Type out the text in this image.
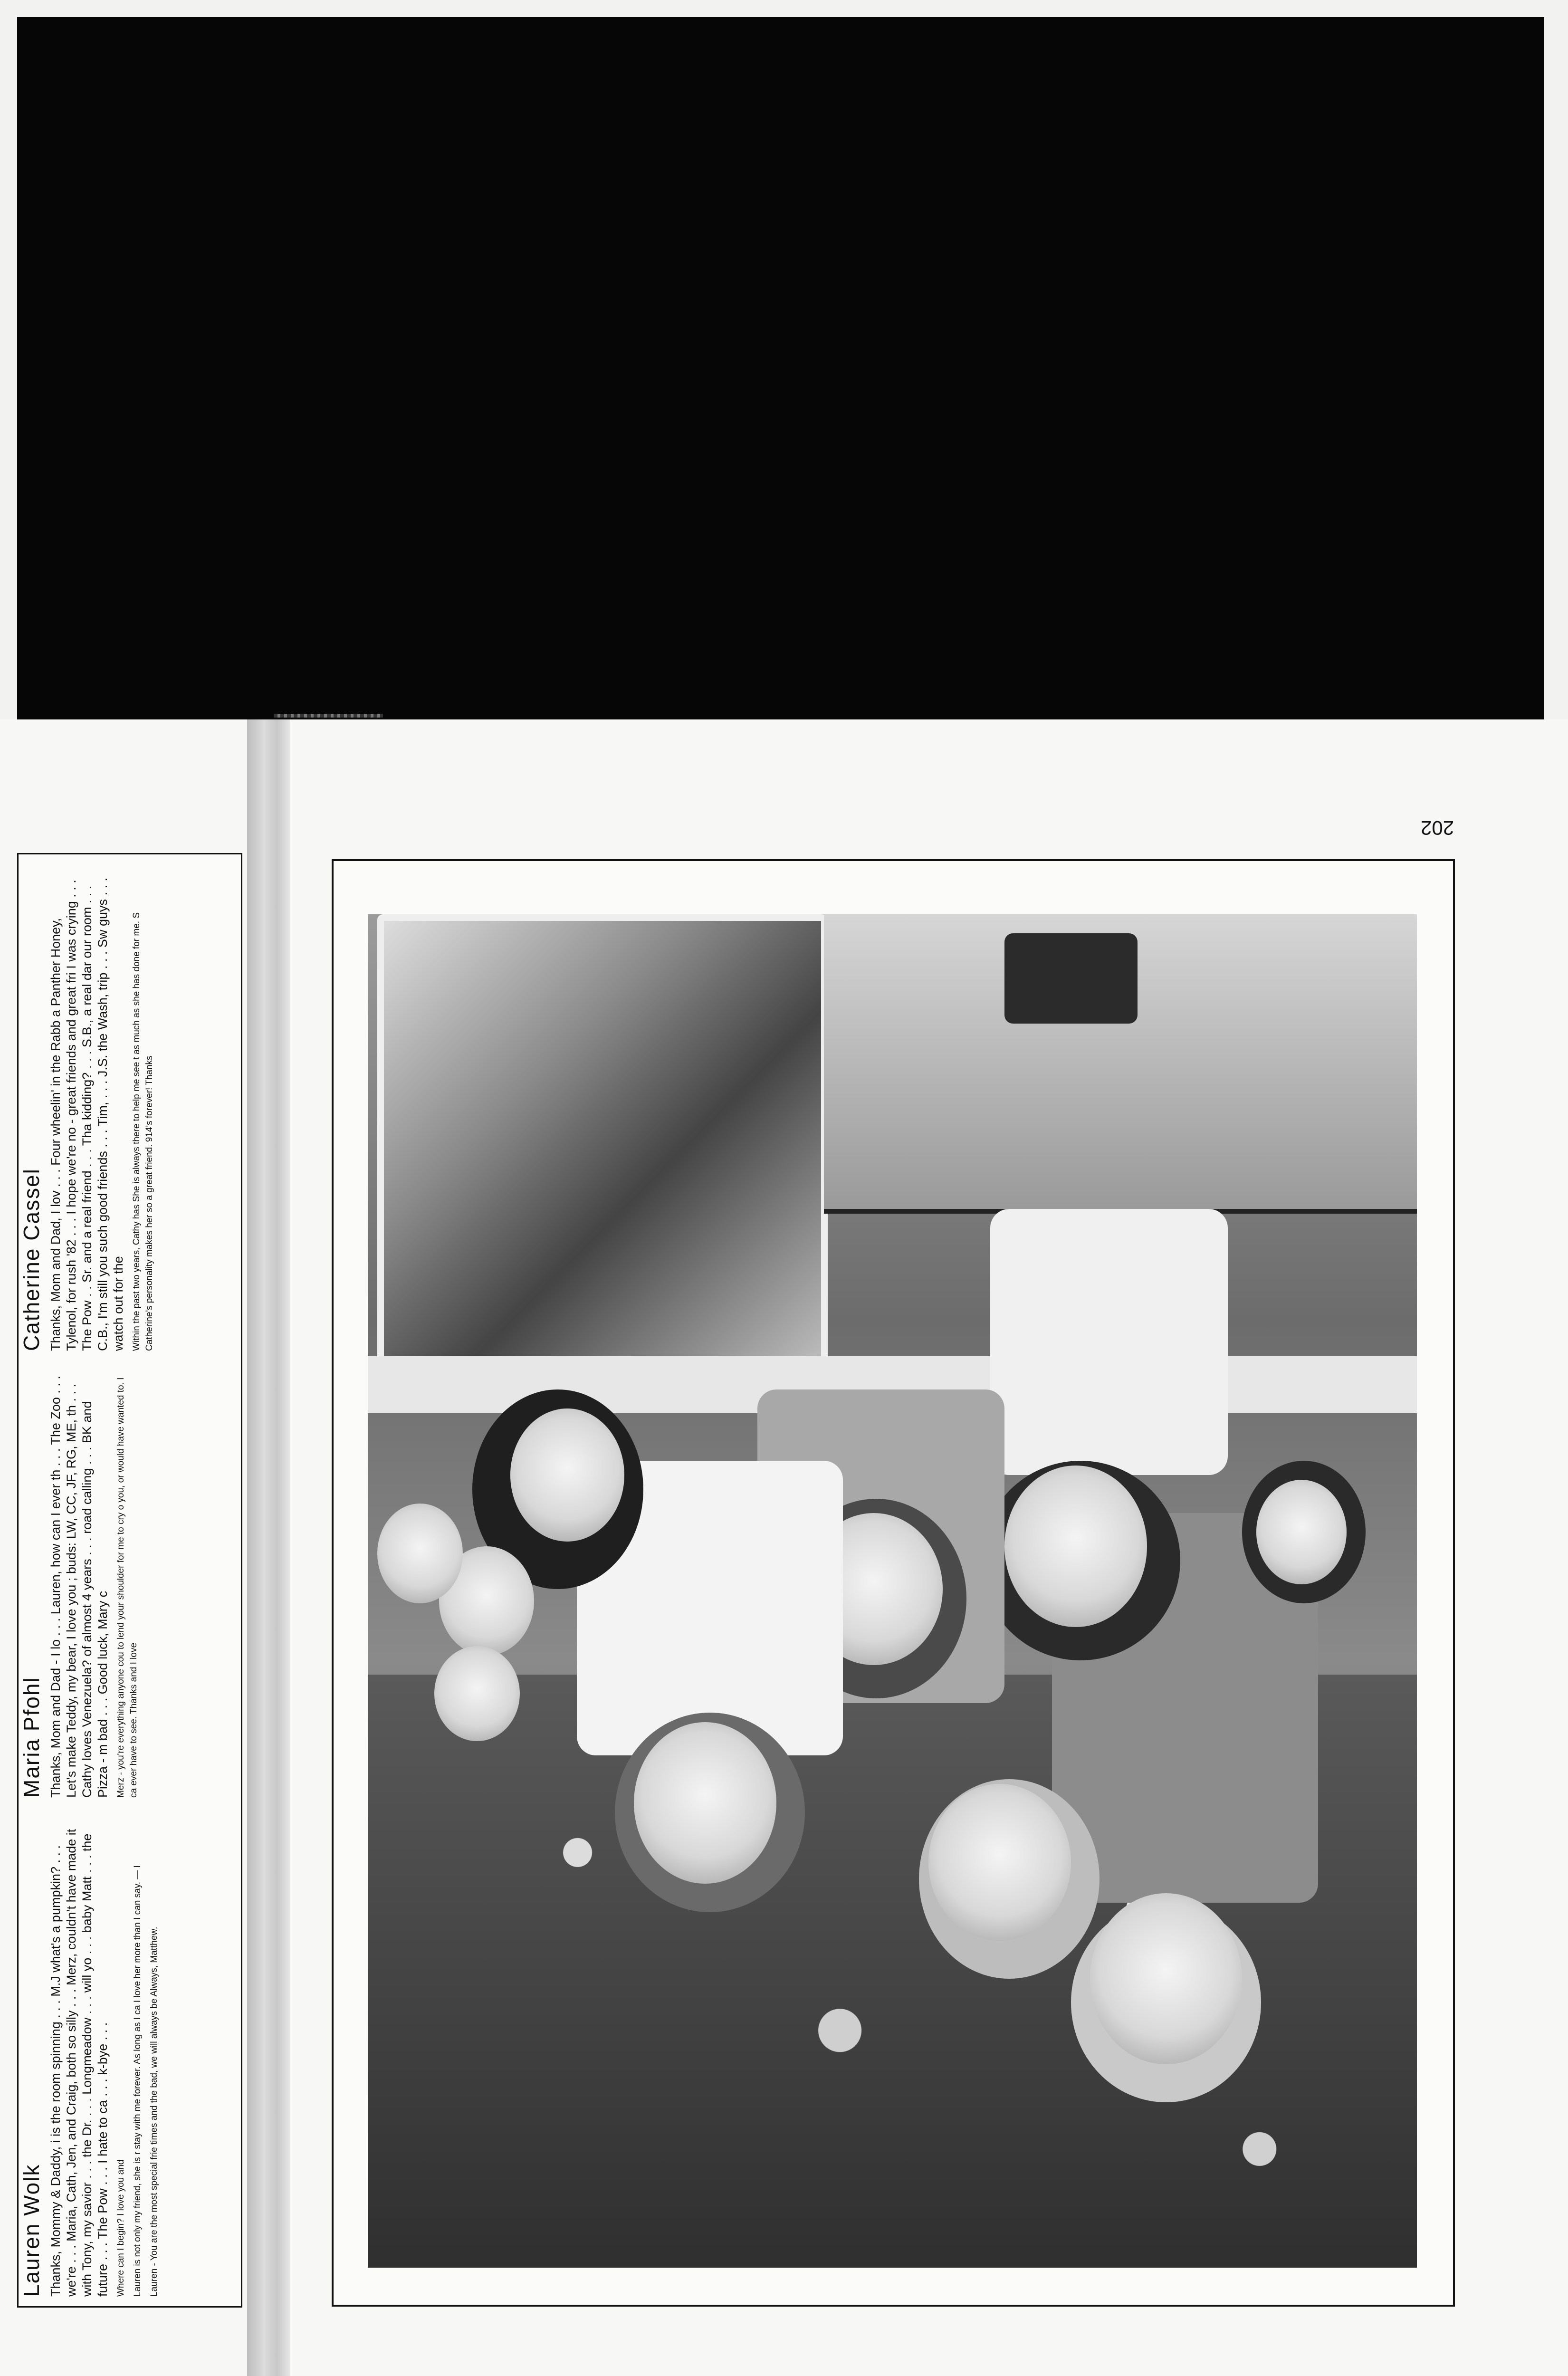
Lauren Wolk Thanks, Mommy & Daddy, i is the room spinning . . . M.J what's a pumpkin? . . . we're . . . Maria, Cath, Jen, and Craig, both so silly . . . Merz, couldn't have made it with Tony, my savior . . . the Dr. . . . Longmeadow . . . will yo . . . baby Matt . . . the future . . . The Pow . . . I hate to ca . . . k-bye . . . Where can I begin? I love you and Lauren is not only my friend, she is r stay with me forever. As long as I ca I love her more than I can say. — I Lauren - You are the most special frie times and the bad, we will always be Always, Matthew.

Maria Pfohl Thanks, Mom and Dad - I lo . . . Lauren, how can I ever th . . . The Zoo . . . Let's make Teddy, my bear, I love you ; buds: LW, CC, JF, RG, ME, th . . . Cathy loves Venezuela? of almost 4 years . . . road calling . . . BK and Pizza - m bad . . . Good luck, Mary c Merz - you're everything anyone cou to lend your shoulder for me to cry o you, or would have wanted to. I ca ever have to see. Thanks and I love

Catherine Cassel Thanks, Mom and Dad, I lov . . . Four wheelin' in the Rabb a Panther Honey, Tylenol, for rush '82 . . . I hope we're no - great friends and great fri I was crying . . . The Pow . . Sr. and a real friend . . . Tha kidding? . . . S.B., a real dar our room . . . C.B., I'm still you such good friends . . . Tim, . . . J.S. the Wash, trip . . . Sw guys . . . watch out for the Within the past two years, Cathy has She is always there to help me see t as much as she has done for me. S Catherine's personality makes her so a great friend. 914's forever! Thanks

202
